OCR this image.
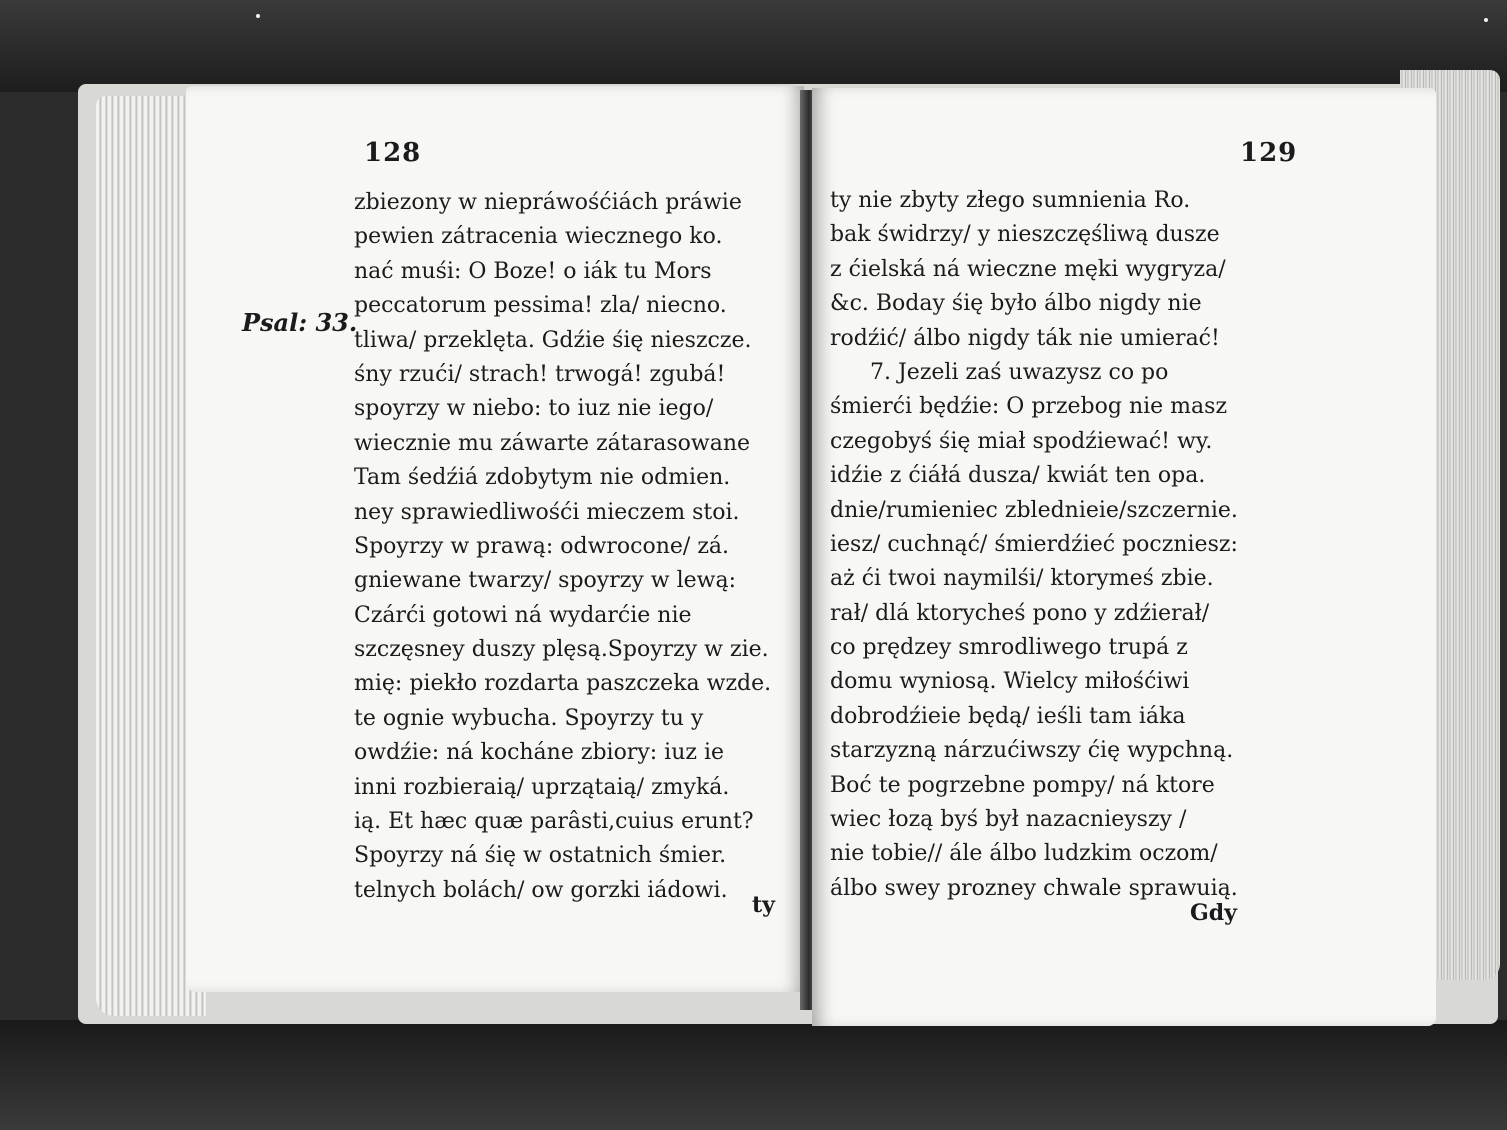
128
zbiezony w niepráwośćiách práwie
pewien zátracenia wiecznego ko.
nać muśi: O Boze! o iák tu Mors
peccatorum pessima! zla/ niecno.
tliwa/ przeklęta. Gdźie śię nieszcze.
śny rzući/ strach! trwogá! zgubá!
spoyrzy w niebo: to iuz nie iego/
wiecznie mu záwarte zátarasowane
Tam śedźiá zdobytym nie odmien.
ney sprawiedliwośći mieczem stoi.
Spoyrzy w prawą: odwrocone/ zá.
gniewane twarzy/ spoyrzy w lewą:
Czárći gotowi ná wydarćie nie
szczęsney duszy plęsą.Spoyrzy w zie.
mię: piekło rozdarta paszczeka wzde.
te ognie wybucha. Spoyrzy tu y
owdźie: ná kocháne zbiory: iuz ie
inni rozbieraią/ uprzątaią/ zmyká.
ią. Et hæc quæ parâsti,cuius erunt?
Spoyrzy ná śię w ostatnich śmier.
telnych bolách/ ow gorzki iádowi.
ty
Psal: 33.
129
ty nie zbyty złego sumnienia Ro.
bak świdrzy/ y nieszczęśliwą dusze
z ćielská ná wieczne męki wygryza/
&c. Boday śię było álbo nigdy nie
rodźić/ álbo nigdy ták nie umierać!
7. Jezeli zaś uwazysz co po
śmierći będźie: O przebog nie masz
czegobyś śię miał spodźiewać! wy.
idźie z ćiáłá dusza/ kwiát ten opa.
dnie/rumieniec zblednieie/szczernie.
iesz/ cuchnąć/ śmierdźieć poczniesz:
aż ći twoi naymilśi/ ktorymeś zbie.
rał/ dlá ktorycheś pono y zdźierał/
co prędzey smrodliwego trupá z
domu wyniosą. Wielcy miłośćiwi
dobrodźieie będą/ ieśli tam iáka
starzyzną nárzućiwszy ćię wypchną.
Boć te pogrzebne pompy/ ná ktore
wiec łozą byś był nazacnieyszy /
nie tobie// ále álbo ludzkim oczom/
álbo swey prozney chwale sprawuią.
Gdy
